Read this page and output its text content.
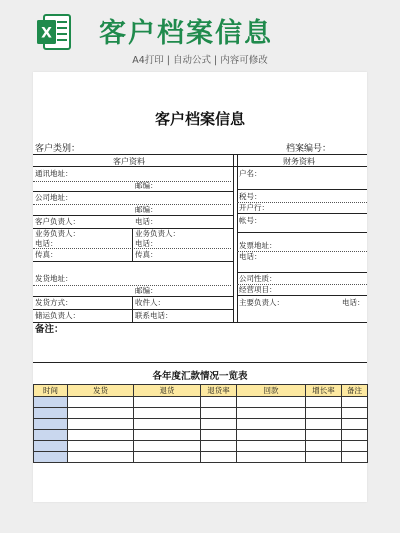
X 客户档案信息
A4打印 | 自动公式 | 内容可修改
客户档案信息
客户类别：	档案编号：
客户资料	财务资料
通讯地址：
邮编：
公司地址：
邮编：
客户负责人：	电话：
业务负责人：	业务负责人：
电话：	电话：
传真：	传真：
发货地址：
邮编：
发货方式：	收件人：
储运负责人：	联系电话：
户名：
税号：
开户行：
帐号：
发票地址：
电话：
公司性质：
经营项目：
主要负责人：	电话：
备注：
各年度汇款情况一览表
时间	发货	退货	退货率	回款	增长率	备注
